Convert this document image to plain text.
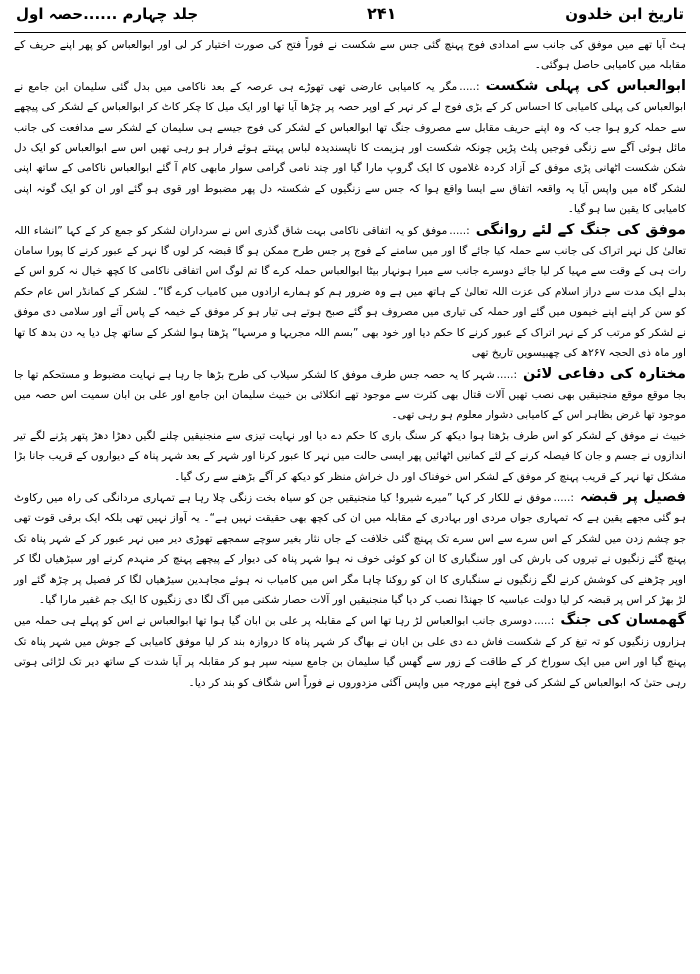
تاریخ ابن خلدون
۲۴۱
جلد چہارم ......حصہ اول

ہٹ آیا تھے میں موفق کی جانب سے امدادی فوج پہنچ گئی جس سے شکست نے فوراً فتح کی صورت اختیار کر لی اور ابوالعباس کو پھر اپنے حریف کے مقابلہ میں کامیابی حاصل ہوگئی۔

ابوالعباس کی پہلی شکست:.....مگر یہ کامیابی عارضی تھی تھوڑے ہی عرصہ کے بعد ناکامی میں بدل گئی سلیمان ابن جامع نے ابوالعباس کی پہلی کامیابی کا احساس کر کے بڑی فوج لے کر نہر کے اوپر حصہ پر چڑھا آیا تھا اور ایک میل کا چکر کاٹ کر ابوالعباس کے لشکر کی پیچھے سے حملہ کرو ہوا جب کہ وہ اپنے حریف مقابل سے مصروف جنگ تھا ابوالعباس کے لشکر کی فوج جیسے ہی سلیمان کے لشکر سے مدافعت کی جانب مائل ہوئی آگے سے زنگی فوجیں پلٹ پڑیں چونکہ شکست اور ہزیمت کا ناپسندیدہ لباس پہنتے ہوئے فرار ہو رہی تھیں اس سے ابوالعباس کو ایک دل شکن شکست اٹھانی پڑی موفق کے آزاد کردہ غلاموں کا ایک گروپ مارا گیا اور چند نامی گرامی سوار مابھی کام آ گئے ابوالعباس ناکامی کے ساتھ اپنی لشکر گاہ میں واپس آیا یہ واقعہ اتفاق سے ایسا واقع ہوا کہ جس سے زنگیوں کے شکستہ دل پھر مضبوط اور قوی ہو گئے اور ان کو ایک گونہ اپنی کامیابی کا یقین سا ہو گیا۔

موفق کی جنگ کے لئے روانگی:.....موفق کو یہ اتفاقی ناکامی بہت شاق گذری اس نے سرداران لشکر کو جمع کر کے کہا ”انشاء اللہ تعالیٰ کل نہر اتراک کی جانب سے حملہ کیا جائے گا اور میں سامنے کے فوج پر جس طرح ممکن ہو گا قبضہ کر لوں گا نہر کے عبور کرنے کا پورا سامان رات ہی کے وقت سے مہیا کر لیا جائے دوسرے جانب سے میرا ہونہار بیٹا ابوالعباس حملہ کرے گا تم لوگ اس اتفاقی ناکامی کا کچھ خیال نہ کرو اس کے بدلے ایک مدت سے دراز اسلام کی عزت اللہ تعالیٰ کے ہاتھ میں ہے وہ ضرور ہم کو ہمارے ارادوں میں کامیاب کرے گا“۔ لشکر کے کمانڈر اس عام حکم کو سن کر اپنے اپنے خیموں میں گئے اور حملہ کی تیاری میں مصروف ہو گئے صبح ہوتے ہی تیار ہو کر موفق کے خیمہ کے پاس آئے اور سلامی دی موفق نے لشکر کو مرتب کر کے نہر اتراک کے عبور کرنے کا حکم دیا اور خود بھی ”بسم اللہ مجریہا و مرسہا“ پڑھتا ہوا لشکر کے ساتھ چل دیا یہ دن بدھ کا تھا اور ماہ ذی الحجہ ۲۶۷ھ کی چھبیسویں تاریخ تھی

مختارہ کی دفاعی لائن:.....شہر کا یہ حصہ جس طرف موفق کا لشکر سیلاب کی طرح بڑھا جا رہا ہے نہایت مضبوط و مستحکم تھا جا بجا موقع موقع منجنیقیں بھی نصب تھیں آلات قتال بھی کثرت سے موجود تھے انکلائی بن خبیث سلیمان ابن جامع اور علی بن ابان سمیت اس حصہ میں موجود تھا غرض بظاہر اس کے کامیابی دشوار معلوم ہو رہی تھی۔

خبیث نے موفق کے لشکر کو اس طرف بڑھتا ہوا دیکھ کر سنگ باری کا حکم دے دیا اور نہایت تیزی سے منجنیقیں چلنے لگیں دھڑا دھڑ پتھر پڑنے لگے تیر اندازوں نے جسم و جان کا فیصلہ کرنے کے لئے کمانیں اٹھائیں پھر ایسی حالت میں نہر کا عبور کرنا اور شہر کے بعد شہر پناہ کے دیواروں کے قریب جانا بڑا مشکل تھا نہر کے قریب پہنچ کر موفق کے لشکر اس خوفناک اور دل خراش منظر کو دیکھ کر آگے بڑھنے سے رک گیا۔

فصیل پر قبضہ:.....موفق نے للکار کر کہا ”میرے شیرو! کیا منجنیقیں جن کو سیاہ بخت زنگی چلا رہا ہے تمہاری مردانگی کی راہ میں رکاوٹ ہو گئی مجھے یقین ہے کہ تمہاری جواں مردی اور بہادری کے مقابلہ میں ان کی کچھ بھی حقیقت نہیں ہے“۔ یہ آواز نہیں تھی بلکہ ایک برقی قوت تھی جو چشم زدن میں لشکر کے اس سرے سے اس سرے تک پہنچ گئی خلافت کے جاں نثار بغیر سوچے سمجھے تھوڑی دیر میں نہر عبور کر کے شہر پناہ تک پہنچ گئے زنگیوں نے تیروں کی بارش کی اور سنگباری کا ان کو کوئی خوف نہ ہوا شہر پناہ کی دیوار کے پیچھے پہنچ کر منہدم کرنے اور سیڑھیاں لگا کر اوپر چڑھنے کی کوشش کرنے لگے زنگیوں نے سنگباری کا ان کو روکنا چاہا مگر اس میں کامیاب نہ ہوئے مجاہدین سیڑھیاں لگا کر فصیل پر چڑھ گئے اور لڑ بھڑ کر اس پر قبضہ کر لیا دولت عباسیہ کا جھنڈا نصب کر دیا گیا منجنیقیں اور آلات حصار شکنی میں آگ لگا دی زنگیوں کا ایک جم غفیر مارا گیا۔

گھمسان کی جنگ:.....دوسری جانب ابوالعباس لڑ رہا تھا اس کے مقابلہ پر علی بن ابان گیا ہوا تھا ابوالعباس نے اس کو پہلے ہی حملہ میں ہزاروں زنگیوں کو تہ تیغ کر کے شکست فاش دے دی علی بن ابان نے بھاگ کر شہر پناہ کا دروازہ بند کر لیا موفق کامیابی کے جوش میں شہر پناہ تک پہنچ گیا اور اس میں ایک سوراخ کر کے طاقت کے زور سے گھس گیا سلیمان بن جامع سینہ سپر ہو کر مقابلہ پر آیا شدت کے ساتھ دیر تک لڑائی ہوتی رہی حتیٰ کہ ابوالعباس کے لشکر کی فوج اپنے مورچہ میں واپس آگئی مزدوروں نے فوراً اس شگاف کو بند کر دیا۔
